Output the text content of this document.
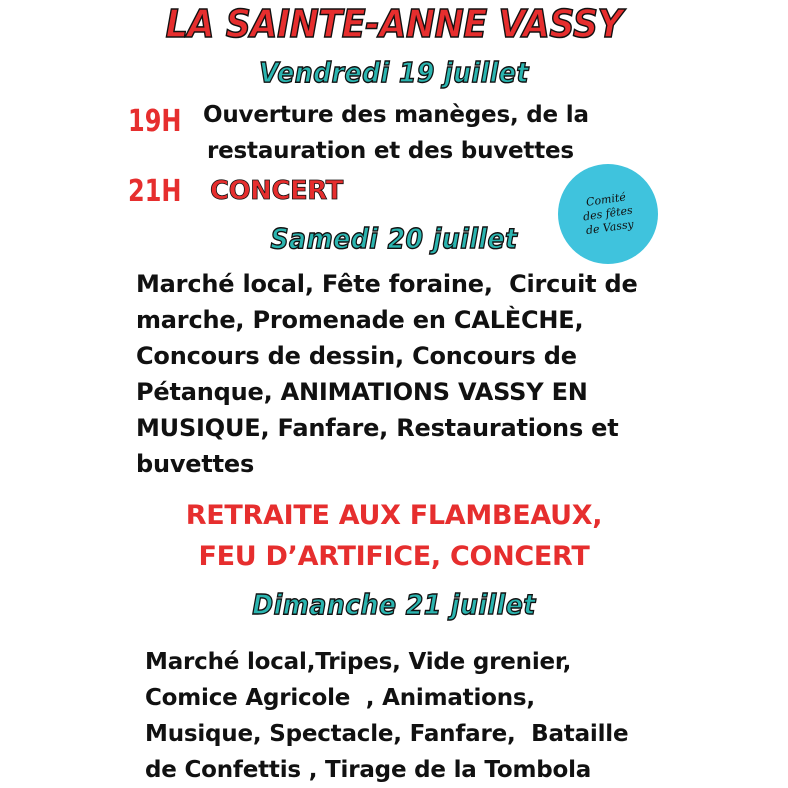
LA SAINTE-ANNE VASSY
Vendredi 19 juillet
19H Ouverture des manèges, de la
restauration et des buvettes
21H CONCERT	Comité
des fêtes
de Vassy
Samedi 20 juillet
Marché local, Fête foraine,  Circuit de
marche, Promenade en CALÈCHE,
Concours de dessin, Concours de
Pétanque, ANIMATIONS VASSY EN
MUSIQUE, Fanfare, Restaurations et
buvettes
RETRAITE AUX FLAMBEAUX,
FEU D’ARTIFICE, CONCERT
Dimanche 21 juillet
Marché local,Tripes, Vide grenier,
Comice Agricole  , Animations,
Musique, Spectacle, Fanfare,  Bataille
de Confettis , Tirage de la Tombola
